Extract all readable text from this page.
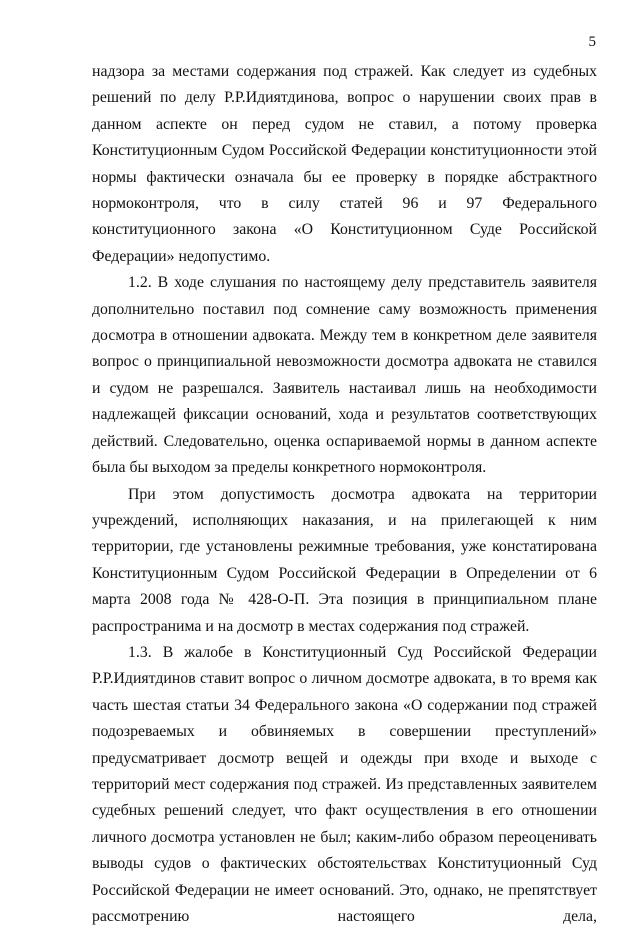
5

надзора за местами содержания под стражей. Как следует из судебных решений по делу Р.Р.Идиятдинова, вопрос о нарушении своих прав в данном аспекте он перед судом не ставил, а потому проверка Конституционным Судом Российской Федерации конституционности этой нормы фактически означала бы ее проверку в порядке абстрактного нормоконтроля, что в силу статей 96 и 97 Федерального конституционного закона «О Конституционном Суде Российской Федерации» недопустимо.

1.2. В ходе слушания по настоящему делу представитель заявителя дополнительно поставил под сомнение саму возможность применения досмотра в отношении адвоката. Между тем в конкретном деле заявителя вопрос о принципиальной невозможности досмотра адвоката не ставился и судом не разрешался. Заявитель настаивал лишь на необходимости надлежащей фиксации оснований, хода и результатов соответствующих действий. Следовательно, оценка оспариваемой нормы в данном аспекте была бы выходом за пределы конкретного нормоконтроля.

При этом допустимость досмотра адвоката на территории учреждений, исполняющих наказания, и на прилегающей к ним территории, где установлены режимные требования, уже констатирована Конституционным Судом Российской Федерации в Определении от 6 марта 2008 года № 428-О-П. Эта позиция в принципиальном плане распространима и на досмотр в местах содержания под стражей.

1.3. В жалобе в Конституционный Суд Российской Федерации Р.Р.Идиятдинов ставит вопрос о личном досмотре адвоката, в то время как часть шестая статьи 34 Федерального закона «О содержании под стражей подозреваемых и обвиняемых в совершении преступлений» предусматривает досмотр вещей и одежды при входе и выходе с территорий мест содержания под стражей. Из представленных заявителем судебных решений следует, что факт осуществления в его отношении личного досмотра установлен не был; каким-либо образом переоценивать выводы судов о фактических обстоятельствах Конституционный Суд Российской Федерации не имеет оснований. Это, однако, не препятствует рассмотрению настоящего дела,
